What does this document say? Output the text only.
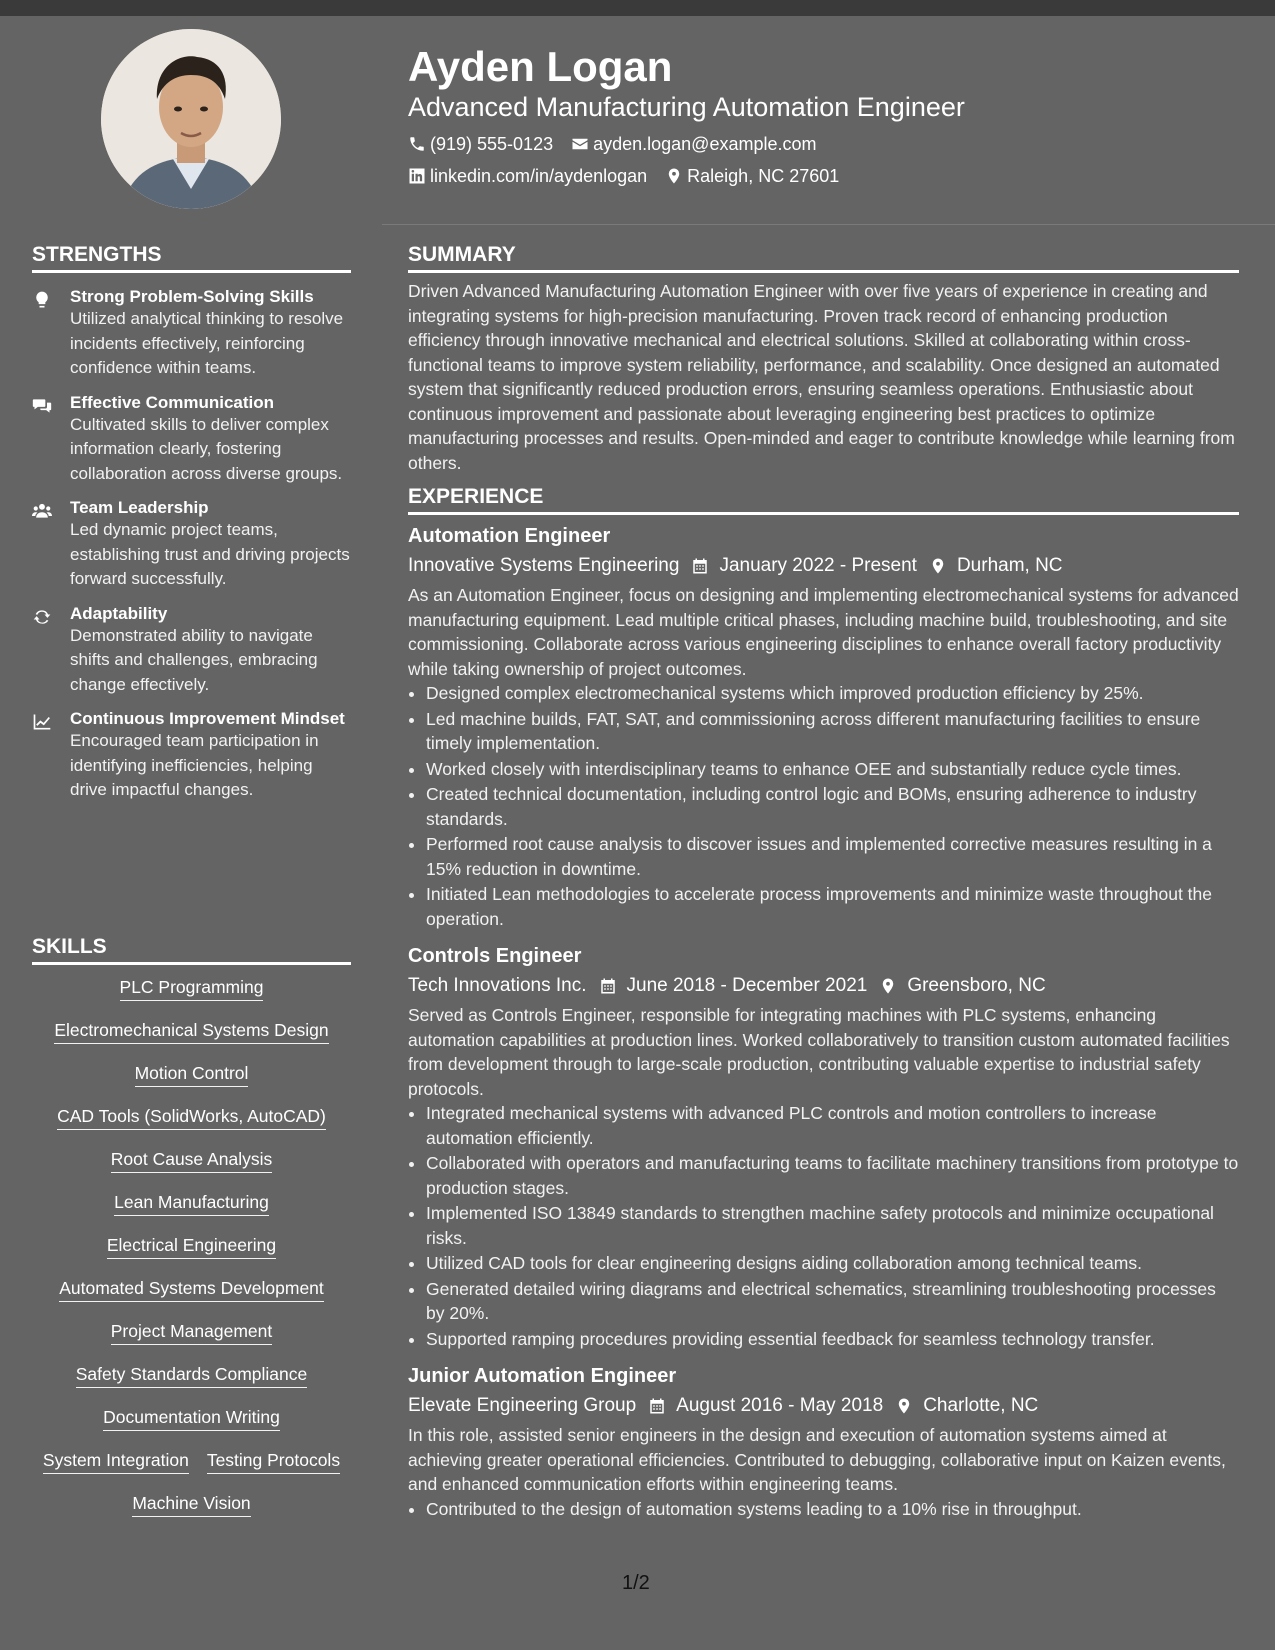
STRENGTHS
Strong Problem-Solving Skills
Utilized analytical thinking to resolve incidents effectively, reinforcing confidence within teams.
Effective Communication
Cultivated skills to deliver complex information clearly, fostering collaboration across diverse groups.
Team Leadership
Led dynamic project teams, establishing trust and driving projects forward successfully.
Adaptability
Demonstrated ability to navigate shifts and challenges, embracing change effectively.
Continuous Improvement Mindset
Encouraged team participation in identifying inefficiencies, helping drive impactful changes.
SKILLS
PLC Programming
Electromechanical Systems Design
Motion Control
CAD Tools (SolidWorks, AutoCAD)
Root Cause Analysis
Lean Manufacturing
Electrical Engineering
Automated Systems Development
Project Management
Safety Standards Compliance
Documentation Writing
System Integration Testing Protocols
Machine Vision
Ayden Logan
Advanced Manufacturing Automation Engineer
(919) 555-0123 ayden.logan@example.com
linkedin.com/in/aydenlogan Raleigh, NC 27601
SUMMARY

Driven Advanced Manufacturing Automation Engineer with over five years of experience in creating and integrating systems for high-precision manufacturing. Proven track record of enhancing production efficiency through innovative mechanical and electrical solutions. Skilled at collaborating within cross-functional teams to improve system reliability, performance, and scalability. Once designed an automated system that significantly reduced production errors, ensuring seamless operations. Enthusiastic about continuous improvement and passionate about leveraging engineering best practices to optimize manufacturing processes and results. Open-minded and eager to contribute knowledge while learning from others.

EXPERIENCE
Automation Engineer
Innovative Systems Engineering January 2022 - Present Durham, NC

As an Automation Engineer, focus on designing and implementing electromechanical systems for advanced manufacturing equipment. Lead multiple critical phases, including machine build, troubleshooting, and site commissioning. Collaborate across various engineering disciplines to enhance overall factory productivity while taking ownership of project outcomes.

• Designed complex electromechanical systems which improved production efficiency by 25%.
• Led machine builds, FAT, SAT, and commissioning across different manufacturing facilities to ensure timely implementation.
• Worked closely with interdisciplinary teams to enhance OEE and substantially reduce cycle times.
• Created technical documentation, including control logic and BOMs, ensuring adherence to industry standards.
• Performed root cause analysis to discover issues and implemented corrective measures resulting in a 15% reduction in downtime.
• Initiated Lean methodologies to accelerate process improvements and minimize waste throughout the operation.
Controls Engineer
Tech Innovations Inc. June 2018 - December 2021 Greensboro, NC

Served as Controls Engineer, responsible for integrating machines with PLC systems, enhancing automation capabilities at production lines. Worked collaboratively to transition custom automated facilities from development through to large-scale production, contributing valuable expertise to industrial safety protocols.

• Integrated mechanical systems with advanced PLC controls and motion controllers to increase automation efficiently.
• Collaborated with operators and manufacturing teams to facilitate machinery transitions from prototype to production stages.
• Implemented ISO 13849 standards to strengthen machine safety protocols and minimize occupational risks.
• Utilized CAD tools for clear engineering designs aiding collaboration among technical teams.
• Generated detailed wiring diagrams and electrical schematics, streamlining troubleshooting processes by 20%.
• Supported ramping procedures providing essential feedback for seamless technology transfer.
Junior Automation Engineer
Elevate Engineering Group August 2016 - May 2018 Charlotte, NC

In this role, assisted senior engineers in the design and execution of automation systems aimed at achieving greater operational efficiencies. Contributed to debugging, collaborative input on Kaizen events, and enhanced communication efforts within engineering teams.

• Contributed to the design of automation systems leading to a 10% rise in throughput.
1/2
